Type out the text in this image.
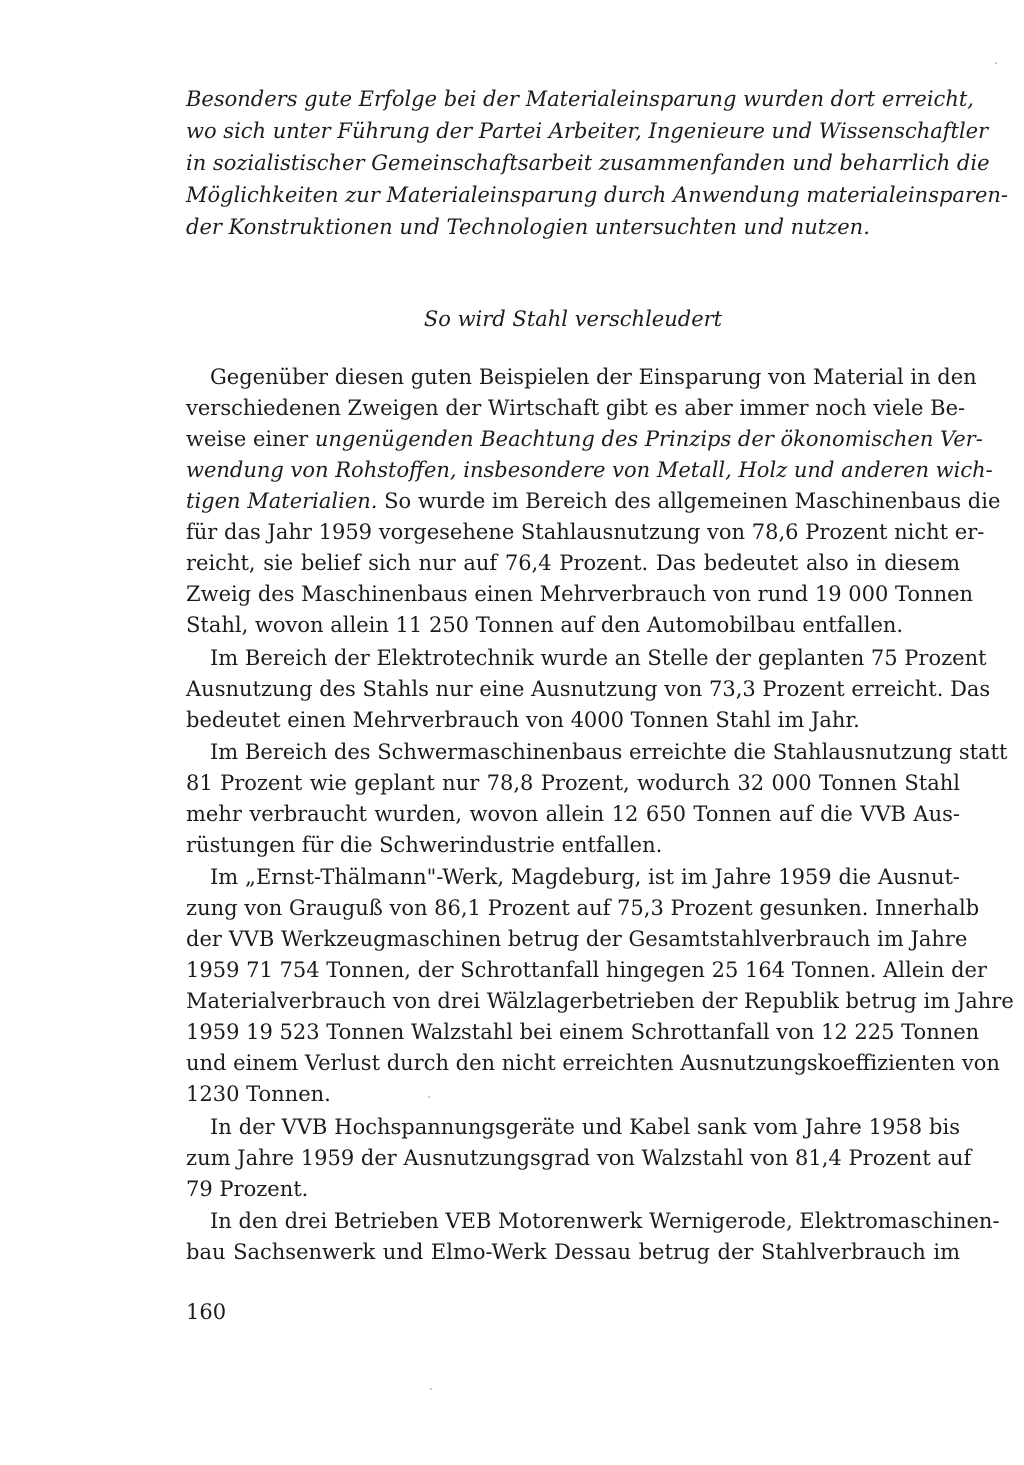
Besonders gute Erfolge bei der Materialeinsparung wurden dort erreicht,
wo sich unter Führung der Partei Arbeiter, Ingenieure und Wissenschaftler
in sozialistischer Gemeinschaftsarbeit zusammenfanden und beharrlich die
Möglichkeiten zur Materialeinsparung durch Anwendung materialeinsparen-
der Konstruktionen und Technologien untersuchten und nutzen.
So wird Stahl verschleudert
Gegenüber diesen guten Beispielen der Einsparung von Material in den
verschiedenen Zweigen der Wirtschaft gibt es aber immer noch viele Be-
weise einer ungenügenden Beachtung des Prinzips der ökonomischen Ver-
wendung von Rohstoffen, insbesondere von Metall, Holz und anderen wich-
tigen Materialien. So wurde im Bereich des allgemeinen Maschinenbaus die
für das Jahr 1959 vorgesehene Stahlausnutzung von 78,6 Prozent nicht er-
reicht, sie belief sich nur auf 76,4 Prozent. Das bedeutet also in diesem
Zweig des Maschinenbaus einen Mehrverbrauch von rund 19 000 Tonnen
Stahl, wovon allein 11 250 Tonnen auf den Automobilbau entfallen.
Im Bereich der Elektrotechnik wurde an Stelle der geplanten 75 Prozent
Ausnutzung des Stahls nur eine Ausnutzung von 73,3 Prozent erreicht. Das
bedeutet einen Mehrverbrauch von 4000 Tonnen Stahl im Jahr.
Im Bereich des Schwermaschinenbaus erreichte die Stahlausnutzung statt
81 Prozent wie geplant nur 78,8 Prozent, wodurch 32 000 Tonnen Stahl
mehr verbraucht wurden, wovon allein 12 650 Tonnen auf die VVB Aus-
rüstungen für die Schwerindustrie entfallen.
Im „Ernst-Thälmann"-Werk, Magdeburg, ist im Jahre 1959 die Ausnut-
zung von Grauguß von 86,1 Prozent auf 75,3 Prozent gesunken. Innerhalb
der VVB Werkzeugmaschinen betrug der Gesamtstahlverbrauch im Jahre
1959 71 754 Tonnen, der Schrottanfall hingegen 25 164 Tonnen. Allein der
Materialverbrauch von drei Wälzlagerbetrieben der Republik betrug im Jahre
1959 19 523 Tonnen Walzstahl bei einem Schrottanfall von 12 225 Tonnen
und einem Verlust durch den nicht erreichten Ausnutzungskoeffizienten von
1230 Tonnen.
In der VVB Hochspannungsgeräte und Kabel sank vom Jahre 1958 bis
zum Jahre 1959 der Ausnutzungsgrad von Walzstahl von 81,4 Prozent auf
79 Prozent.
In den drei Betrieben VEB Motorenwerk Wernigerode, Elektromaschinen-
bau Sachsenwerk und Elmo-Werk Dessau betrug der Stahlverbrauch im
160
